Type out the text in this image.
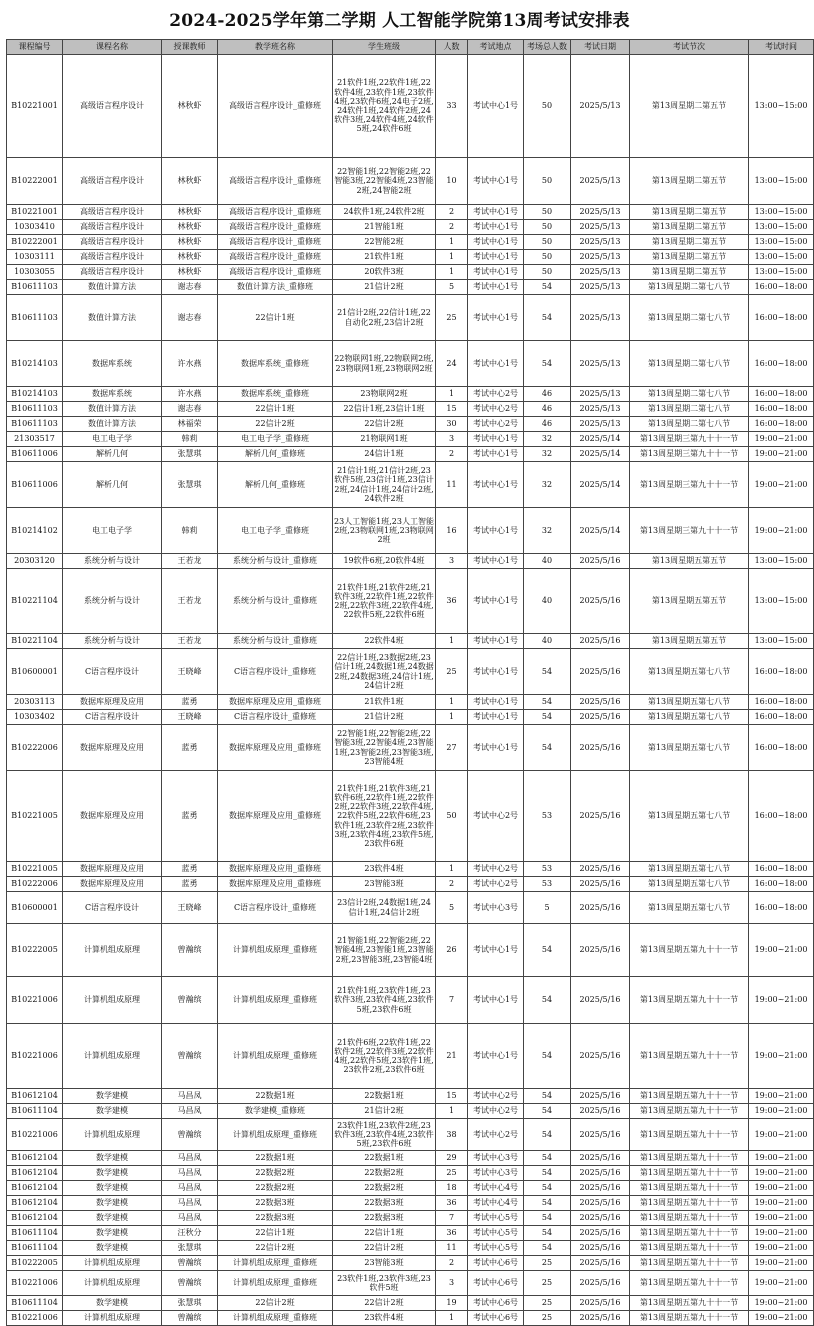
2024-2025学年第二学期 人工智能学院第13周考试安排表
课程编号	课程名称	授课教师	教学班名称	学生班级	人数	考试地点	考场总人数	考试日期	考试节次	考试时间
B10221001	高级语言程序设计	林秋虾	高级语言程序设计_重修班	21软件1班,22软件1班,22软件4班,23软件1班,23软件4班,23软件6班,24电子2班,24软件1班,24软件2班,24软件3班,24软件4班,24软件5班,24软件6班	33	考试中心1号	50	2025/5/13	第13周星期二第五节	13:00~15:00
B10222001	高级语言程序设计	林秋虾	高级语言程序设计_重修班	22智能1班,22智能2班,22智能3班,22智能4班,23智能2班,24智能2班	10	考试中心1号	50	2025/5/13	第13周星期二第五节	13:00~15:00
B10221001	高级语言程序设计	林秋虾	高级语言程序设计_重修班	24软件1班,24软件2班	2	考试中心1号	50	2025/5/13	第13周星期二第五节	13:00~15:00
10303410	高级语言程序设计	林秋虾	高级语言程序设计_重修班	21智能1班	2	考试中心1号	50	2025/5/13	第13周星期二第五节	13:00~15:00
B10222001	高级语言程序设计	林秋虾	高级语言程序设计_重修班	22智能2班	1	考试中心1号	50	2025/5/13	第13周星期二第五节	13:00~15:00
10303111	高级语言程序设计	林秋虾	高级语言程序设计_重修班	21软件1班	1	考试中心1号	50	2025/5/13	第13周星期二第五节	13:00~15:00
10303055	高级语言程序设计	林秋虾	高级语言程序设计_重修班	20软件3班	1	考试中心1号	50	2025/5/13	第13周星期二第五节	13:00~15:00
B10611103	数值计算方法	谢志春	数值计算方法_重修班	21信计2班	5	考试中心1号	54	2025/5/13	第13周星期二第七八节	16:00~18:00
B10611103	数值计算方法	谢志春	22信计1班	21信计2班,22信计1班,22自动化2班,23信计2班	25	考试中心1号	54	2025/5/13	第13周星期二第七八节	16:00~18:00
B10214103	数据库系统	许水燕	数据库系统_重修班	22物联网1班,22物联网2班,23物联网1班,23物联网2班	24	考试中心1号	54	2025/5/13	第13周星期二第七八节	16:00~18:00
B10214103	数据库系统	许水燕	数据库系统_重修班	23物联网2班	1	考试中心2号	46	2025/5/13	第13周星期二第七八节	16:00~18:00
B10611103	数值计算方法	谢志春	22信计1班	22信计1班,23信计1班	15	考试中心2号	46	2025/5/13	第13周星期二第七八节	16:00~18:00
B10611103	数值计算方法	林福荣	22信计2班	22信计2班	30	考试中心2号	46	2025/5/13	第13周星期二第七八节	16:00~18:00
21303517	电工电子学	韩莉	电工电子学_重修班	21物联网1班	3	考试中心1号	32	2025/5/14	第13周星期三第九十十一节	19:00~21:00
B10611006	解析几何	张慧琪	解析几何_重修班	24信计1班	2	考试中心1号	32	2025/5/14	第13周星期三第九十十一节	19:00~21:00
B10611006	解析几何	张慧琪	解析几何_重修班	21信计1班,21信计2班,23软件5班,23信计1班,23信计2班,24信计1班,24信计2班,24软件2班	11	考试中心1号	32	2025/5/14	第13周星期三第九十十一节	19:00~21:00
B10214102	电工电子学	韩莉	电工电子学_重修班	23人工智能1班,23人工智能2班,23物联网1班,23物联网2班	16	考试中心1号	32	2025/5/14	第13周星期三第九十十一节	19:00~21:00
20303120	系统分析与设计	王若龙	系统分析与设计_重修班	19软件6班,20软件4班	3	考试中心1号	40	2025/5/16	第13周星期五第五节	13:00~15:00
B10221104	系统分析与设计	王若龙	系统分析与设计_重修班	21软件1班,21软件2班,21软件3班,22软件1班,22软件2班,22软件3班,22软件4班,22软件5班,22软件6班	36	考试中心1号	40	2025/5/16	第13周星期五第五节	13:00~15:00
B10221104	系统分析与设计	王若龙	系统分析与设计_重修班	22软件4班	1	考试中心1号	40	2025/5/16	第13周星期五第五节	13:00~15:00
B10600001	C语言程序设计	王晓峰	C语言程序设计_重修班	22信计1班,23数据2班,23信计1班,24数据1班,24数据2班,24数据3班,24信计1班,24信计2班	25	考试中心1号	54	2025/5/16	第13周星期五第七八节	16:00~18:00
20303113	数据库原理及应用	蓝勇	数据库原理及应用_重修班	21软件1班	1	考试中心1号	54	2025/5/16	第13周星期五第七八节	16:00~18:00
10303402	C语言程序设计	王晓峰	C语言程序设计_重修班	21信计2班	1	考试中心1号	54	2025/5/16	第13周星期五第七八节	16:00~18:00
B10222006	数据库原理及应用	蓝勇	数据库原理及应用_重修班	22智能1班,22智能2班,22智能3班,22智能4班,23智能1班,23智能2班,23智能3班,23智能4班	27	考试中心1号	54	2025/5/16	第13周星期五第七八节	16:00~18:00
B10221005	数据库原理及应用	蓝勇	数据库原理及应用_重修班	21软件1班,21软件3班,21软件6班,22软件1班,22软件2班,22软件3班,22软件4班,22软件5班,22软件6班,23软件1班,23软件2班,23软件3班,23软件4班,23软件5班,23软件6班	50	考试中心2号	53	2025/5/16	第13周星期五第七八节	16:00~18:00
B10221005	数据库原理及应用	蓝勇	数据库原理及应用_重修班	23软件4班	1	考试中心2号	53	2025/5/16	第13周星期五第七八节	16:00~18:00
B10222006	数据库原理及应用	蓝勇	数据库原理及应用_重修班	23智能3班	2	考试中心2号	53	2025/5/16	第13周星期五第七八节	16:00~18:00
B10600001	C语言程序设计	王晓峰	C语言程序设计_重修班	23信计2班,24数据1班,24信计1班,24信计2班	5	考试中心3号	5	2025/5/16	第13周星期五第七八节	16:00~18:00
B10222005	计算机组成原理	曾瀚缤	计算机组成原理_重修班	21智能1班,22智能2班,22智能4班,23智能1班,23智能2班,23智能3班,23智能4班	26	考试中心1号	54	2025/5/16	第13周星期五第九十十一节	19:00~21:00
B10221006	计算机组成原理	曾瀚缤	计算机组成原理_重修班	21软件1班,23软件1班,23软件3班,23软件4班,23软件5班,23软件6班	7	考试中心1号	54	2025/5/16	第13周星期五第九十十一节	19:00~21:00
B10221006	计算机组成原理	曾瀚缤	计算机组成原理_重修班	21软件6班,22软件1班,22软件2班,22软件3班,22软件4班,22软件5班,23软件1班,23软件2班,23软件6班	21	考试中心1号	54	2025/5/16	第13周星期五第九十十一节	19:00~21:00
B10612104	数学建模	马昌凤	22数据1班	22数据1班	15	考试中心2号	54	2025/5/16	第13周星期五第九十十一节	19:00~21:00
B10611104	数学建模	马昌凤	数学建模_重修班	21信计2班	1	考试中心2号	54	2025/5/16	第13周星期五第九十十一节	19:00~21:00
B10221006	计算机组成原理	曾瀚缤	计算机组成原理_重修班	23软件1班,23软件2班,23软件3班,23软件4班,23软件5班,23软件6班	38	考试中心2号	54	2025/5/16	第13周星期五第九十十一节	19:00~21:00
B10612104	数学建模	马昌凤	22数据1班	22数据1班	29	考试中心3号	54	2025/5/16	第13周星期五第九十十一节	19:00~21:00
B10612104	数学建模	马昌凤	22数据2班	22数据2班	25	考试中心3号	54	2025/5/16	第13周星期五第九十十一节	19:00~21:00
B10612104	数学建模	马昌凤	22数据2班	22数据2班	18	考试中心4号	54	2025/5/16	第13周星期五第九十十一节	19:00~21:00
B10612104	数学建模	马昌凤	22数据3班	22数据3班	36	考试中心4号	54	2025/5/16	第13周星期五第九十十一节	19:00~21:00
B10612104	数学建模	马昌凤	22数据3班	22数据3班	7	考试中心5号	54	2025/5/16	第13周星期五第九十十一节	19:00~21:00
B10611104	数学建模	汪秋分	22信计1班	22信计1班	36	考试中心5号	54	2025/5/16	第13周星期五第九十十一节	19:00~21:00
B10611104	数学建模	张慧琪	22信计2班	22信计2班	11	考试中心5号	54	2025/5/16	第13周星期五第九十十一节	19:00~21:00
B10222005	计算机组成原理	曾瀚缤	计算机组成原理_重修班	23智能3班	2	考试中心6号	25	2025/5/16	第13周星期五第九十十一节	19:00~21:00
B10221006	计算机组成原理	曾瀚缤	计算机组成原理_重修班	23软件1班,23软件3班,23软件5班	3	考试中心6号	25	2025/5/16	第13周星期五第九十十一节	19:00~21:00
B10611104	数学建模	张慧琪	22信计2班	22信计2班	19	考试中心6号	25	2025/5/16	第13周星期五第九十十一节	19:00~21:00
B10221006	计算机组成原理	曾瀚缤	计算机组成原理_重修班	23软件4班	1	考试中心6号	25	2025/5/16	第13周星期五第九十十一节	19:00~21:00
